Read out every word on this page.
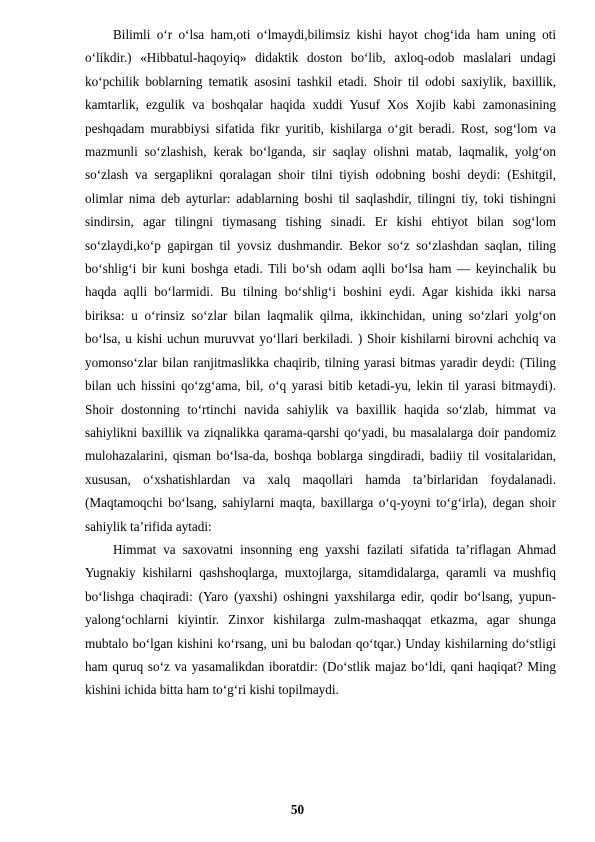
Bilimli o‘r o‘lsa ham,oti o‘lmaydi,bilimsiz kishi hayot chog‘ida ham uning oti o‘likdir.) «Hibbatul-haqoyiq» didaktik doston bo‘lib, axloq-odob maslalari undagi ko‘pchilik boblarning tematik asosini tashkil etadi. Shoir til odobi saxiylik, baxillik, kamtarlik, ezgulik va boshqalar haqida xuddi Yusuf Xos Xojib kabi zamonasining peshqadam murabbiysi sifatida fikr yuritib, kishilarga o‘git beradi. Rost, sog‘lom va mazmunli so‘zlashish, kerak bo‘lganda, sir saqlay olishni matab, laqmalik, yolg‘on so‘zlash va sergaplikni qoralagan shoir tilni tiyish odobning boshi deydi: (Eshitgil, olimlar nima deb ayturlar: adablarning boshi til saqlashdir, tilingni tiy, toki tishingni sindirsin, agar tilingni tiymasang tishing sinadi. Er kishi ehtiyot bilan sog‘lom so‘zlaydi,ko‘p gapirgan til yovsiz dushmandir. Bekor so‘z so‘zlashdan saqlan, tiling bo‘shlig‘i bir kuni boshga etadi. Tili bo‘sh odam aqlli bo‘lsa ham — keyinchalik bu haqda aqlli bo‘larmidi. Bu tilning bo‘shlig‘i boshini eydi. Agar kishida ikki narsa biriksa: u o‘rinsiz so‘zlar bilan laqmalik qilma, ikkinchidan, uning so‘zlari yolg‘on bo‘lsa, u kishi uchun muruvvat yo‘llari berkiladi. ) Shoir kishilarni birovni achchiq va yomonso‘zlar bilan ranjitmaslikka chaqirib, tilning yarasi bitmas yaradir deydi: (Tiling bilan uch hissini qo‘zg‘ama, bil, o‘q yarasi bitib ketadi-yu, lekin til yarasi bitmaydi). Shoir dostonning to‘rtinchi navida sahiylik va baxillik haqida so‘zlab, himmat va sahiylikni baxillik va ziqnalikka qarama-qarshi qo‘yadi, bu masalalarga doir pandomiz mulohazalarini, qisman bo‘lsa-da, boshqa boblarga singdiradi, badiiy til vositalaridan, xususan, o‘xshatishlardan va xalq maqollari hamda ta’birlaridan foydalanadi. (Maqtamoqchi bo‘lsang, sahiylarni maqta, baxillarga o‘q-yoyni to‘g‘irla), degan shoir sahiylik ta’rifida aytadi:

Himmat va saxovatni insonning eng yaxshi fazilati sifatida ta’riflagan Ahmad Yugnakiy kishilarni qashshoqlarga, muxtojlarga, sitamdidalarga, qaramli va mushfiq bo‘lishga chaqiradi: (Yaro (yaxshi) oshingni yaxshilarga edir, qodir bo‘lsang, yupun- yalong‘ochlarni kiyintir. Zinxor kishilarga zulm-mashaqqat etkazma, agar shunga mubtalo bo‘lgan kishini ko‘rsang, uni bu balodan qo‘tqar.) Unday kishilarning do‘stligi ham quruq so‘z va yasamalikdan iboratdir: (Do‘stlik majaz bo‘ldi, qani haqiqat? Ming kishini ichida bitta ham to‘g‘ri kishi topilmaydi.

50
